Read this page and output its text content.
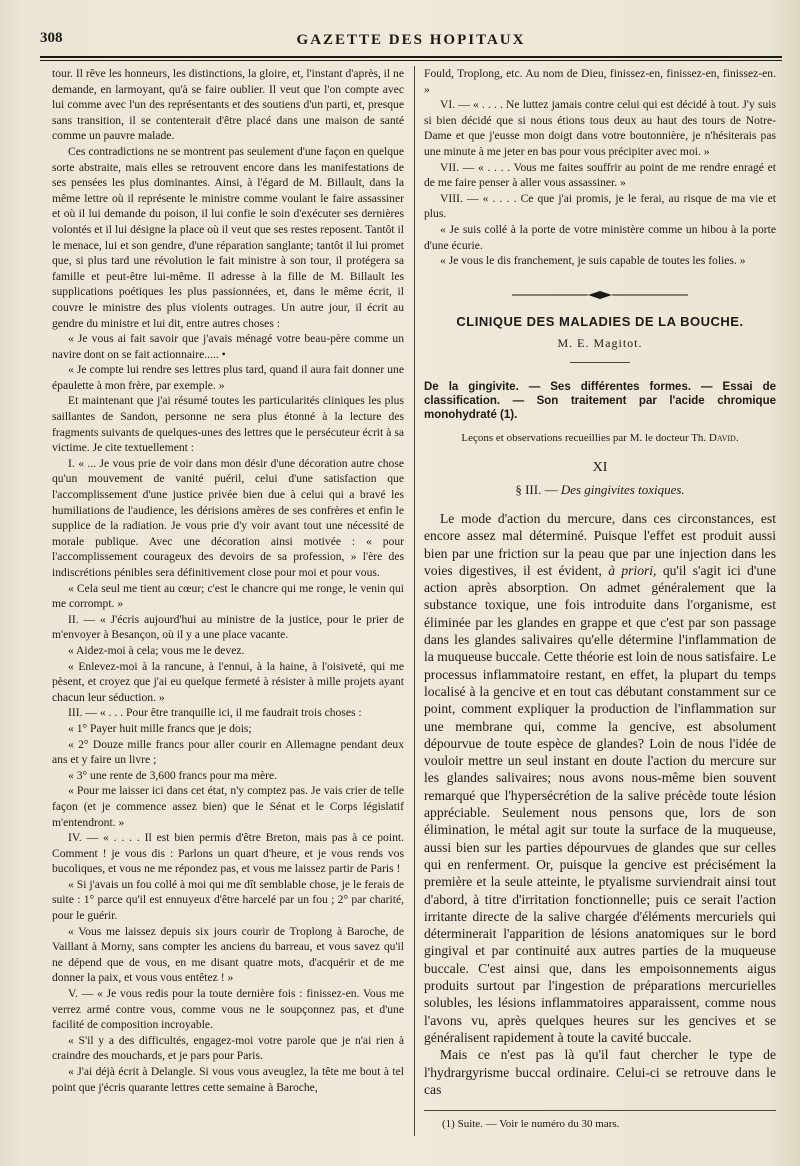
308	GAZETTE DES HOPITAUX

tour. Il rêve les honneurs, les distinctions, la gloire, et, l'instant d'après, il ne demande, en larmoyant, qu'à se faire oublier. Il veut que l'on compte avec lui comme avec l'un des représentants et des soutiens d'un parti, et, presque sans transition, il se contenterait d'être placé dans une maison de santé comme un pauvre malade.

Ces contradictions ne se montrent pas seulement d'une façon en quelque sorte abstraite, mais elles se retrouvent encore dans les manifestations de ses pensées les plus dominantes. Ainsi, à l'égard de M. Billault, dans la même lettre où il représente le ministre comme voulant le faire assassiner et où il lui demande du poison, il lui confie le soin d'exécuter ses dernières volontés et il lui désigne la place où il veut que ses restes reposent. Tantôt il le menace, lui et son gendre, d'une réparation sanglante; tantôt il lui promet que, si plus tard une révolution le fait ministre à son tour, il protégera sa famille et peut-être lui-même. Il adresse à la fille de M. Billault les supplications poétiques les plus passionnées, et, dans le même écrit, il couvre le ministre des plus violents outrages. Un autre jour, il écrit au gendre du ministre et lui dit, entre autres choses :

« Je vous ai fait savoir que j'avais ménagé votre beau-père comme un navire dont on se fait actionnaire..... •

« Je compte lui rendre ses lettres plus tard, quand il aura fait donner une épaulette à mon frère, par exemple. »

Et maintenant que j'ai résumé toutes les particularités cliniques les plus saillantes de Sandon, personne ne sera plus étonné à la lecture des fragments suivants de quelques-unes des lettres que le persécuteur écrit à sa victime. Je cite textuellement :

I. « ... Je vous prie de voir dans mon désir d'une décoration autre chose qu'un mouvement de vanité puéril, celui d'une satisfaction que l'accomplissement d'une justice privée bien due à celui qui a bravé les humiliations de l'audience, les dérisions amères de ses confrères et enfin le supplice de la radiation. Je vous prie d'y voir avant tout une nécessité de morale publique. Avec une décoration ainsi motivée : « pour l'accomplissement courageux des devoirs de sa profession, » l'ère des indiscrétions pénibles sera définitivement close pour moi et pour vous.

« Cela seul me tient au cœur; c'est le chancre qui me ronge, le venin qui me corrompt. »

II. — « J'écris aujourd'hui au ministre de la justice, pour le prier de m'envoyer à Besançon, où il y a une place vacante.

« Aidez-moi à cela; vous me le devez.

« Enlevez-moi à la rancune, à l'ennui, à la haine, à l'oisiveté, qui me pèsent, et croyez que j'ai eu quelque fermeté à résister à mille projets ayant chacun leur séduction. »

III. — « . . . Pour être tranquille ici, il me faudrait trois choses :

« 1° Payer huit mille francs que je dois;

« 2° Douze mille francs pour aller courir en Allemagne pendant deux ans et y faire un livre ;

« 3° une rente de 3,600 francs pour ma mère.

« Pour me laisser ici dans cet état, n'y comptez pas. Je vais crier de telle façon (et je commence assez bien) que le Sénat et le Corps législatif m'entendront. »

IV. — « . . . . Il est bien permis d'être Breton, mais pas à ce point. Comment ! je vous dis : Parlons un quart d'heure, et je vous rends vos bucoliques, et vous ne me répondez pas, et vous me laissez partir de Paris !

« Si j'avais un fou collé à moi qui me dît semblable chose, je le ferais de suite : 1° parce qu'il est ennuyeux d'être harcelé par un fou ; 2° par charité, pour le guérir.

« Vous me laissez depuis six jours courir de Troplong à Baroche, de Vaillant à Morny, sans compter les anciens du barreau, et vous savez qu'il ne dépend que de vous, en me disant quatre mots, d'acquérir et de me donner la paix, et vous vous entêtez ! »

V. — « Je vous redis pour la toute dernière fois : finissez-en. Vous me verrez armé contre vous, comme vous ne le soupçonnez pas, et d'une facilité de composition incroyable.

« S'il y a des difficultés, engagez-moi votre parole que je n'ai rien à craindre des mouchards, et je pars pour Paris.

« J'ai déjà écrit à Delangle. Si vous vous aveuglez, la tête me bout à tel point que j'écris quarante lettres cette semaine à Baroche,

Fould, Troplong, etc. Au nom de Dieu, finissez-en, finissez-en, finissez-en. »

VI. — « . . . . Ne luttez jamais contre celui qui est décidé à tout. J'y suis si bien décidé que si nous étions tous deux au haut des tours de Notre-Dame et que j'eusse mon doigt dans votre boutonnière, je n'hésiterais pas une minute à me jeter en bas pour vous précipiter avec moi. »

VII. — « . . . . Vous me faites souffrir au point de me rendre enragé et de me faire penser à aller vous assassiner. »

VIII. — « . . . . Ce que j'ai promis, je le ferai, au risque de ma vie et plus.

« Je suis collé à la porte de votre ministère comme un hibou à la porte d'une écurie.

« Je vous le dis franchement, je suis capable de toutes les folies. »

CLINIQUE DES MALADIES DE LA BOUCHE.
M. E. Magitot.
De la gingivite. — Ses différentes formes. — Essai de classification. — Son traitement par l'acide chromique monohydraté (1).
Leçons et observations recueillies par M. le docteur Th. David.
XI
§ III. — Des gingivites toxiques.

Le mode d'action du mercure, dans ces circonstances, est encore assez mal déterminé. Puisque l'effet est produit aussi bien par une friction sur la peau que par une injection dans les voies digestives, il est évident, à priori, qu'il s'agit ici d'une action après absorption. On admet généralement que la substance toxique, une fois introduite dans l'organisme, est éliminée par les glandes en grappe et que c'est par son passage dans les glandes salivaires qu'elle détermine l'inflammation de la muqueuse buccale. Cette théorie est loin de nous satisfaire. Le processus inflammatoire restant, en effet, la plupart du temps localisé à la gencive et en tout cas débutant constamment sur ce point, comment expliquer la production de l'inflammation sur une membrane qui, comme la gencive, est absolument dépourvue de toute espèce de glandes? Loin de nous l'idée de vouloir mettre un seul instant en doute l'action du mercure sur les glandes salivaires; nous avons nous-même bien souvent remarqué que l'hypersécrétion de la salive précède toute lésion appréciable. Seulement nous pensons que, lors de son élimination, le métal agit sur toute la surface de la muqueuse, aussi bien sur les parties dépourvues de glandes que sur celles qui en renferment. Or, puisque la gencive est précisément la première et la seule atteinte, le ptyalisme surviendrait ainsi tout d'abord, à titre d'irritation fonctionnelle; puis ce serait l'action irritante directe de la salive chargée d'éléments mercuriels qui déterminerait l'apparition de lésions anatomiques sur le bord gingival et par continuité aux autres parties de la muqueuse buccale. C'est ainsi que, dans les empoisonnements aigus produits surtout par l'ingestion de préparations mercurielles solubles, les lésions inflammatoires apparaissent, comme nous l'avons vu, après quelques heures sur les gencives et se généralisent rapidement à toute la cavité buccale.

Mais ce n'est pas là qu'il faut chercher le type de l'hydrargyrisme buccal ordinaire. Celui-ci se retrouve dans le cas

(1) Suite. — Voir le numéro du 30 mars.
